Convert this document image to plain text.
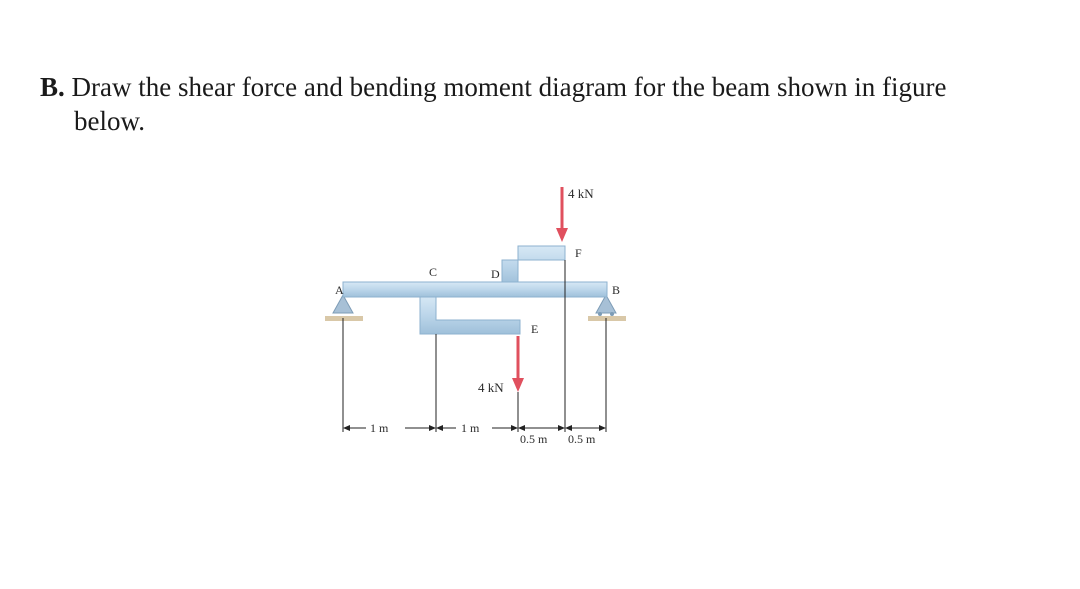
B. Draw the shear force and bending moment diagram for the beam shown in figure
below.
A	B
C	D
E
F
4 kN
4 kN
1 m	1 m
0.5 m 0.5 m
